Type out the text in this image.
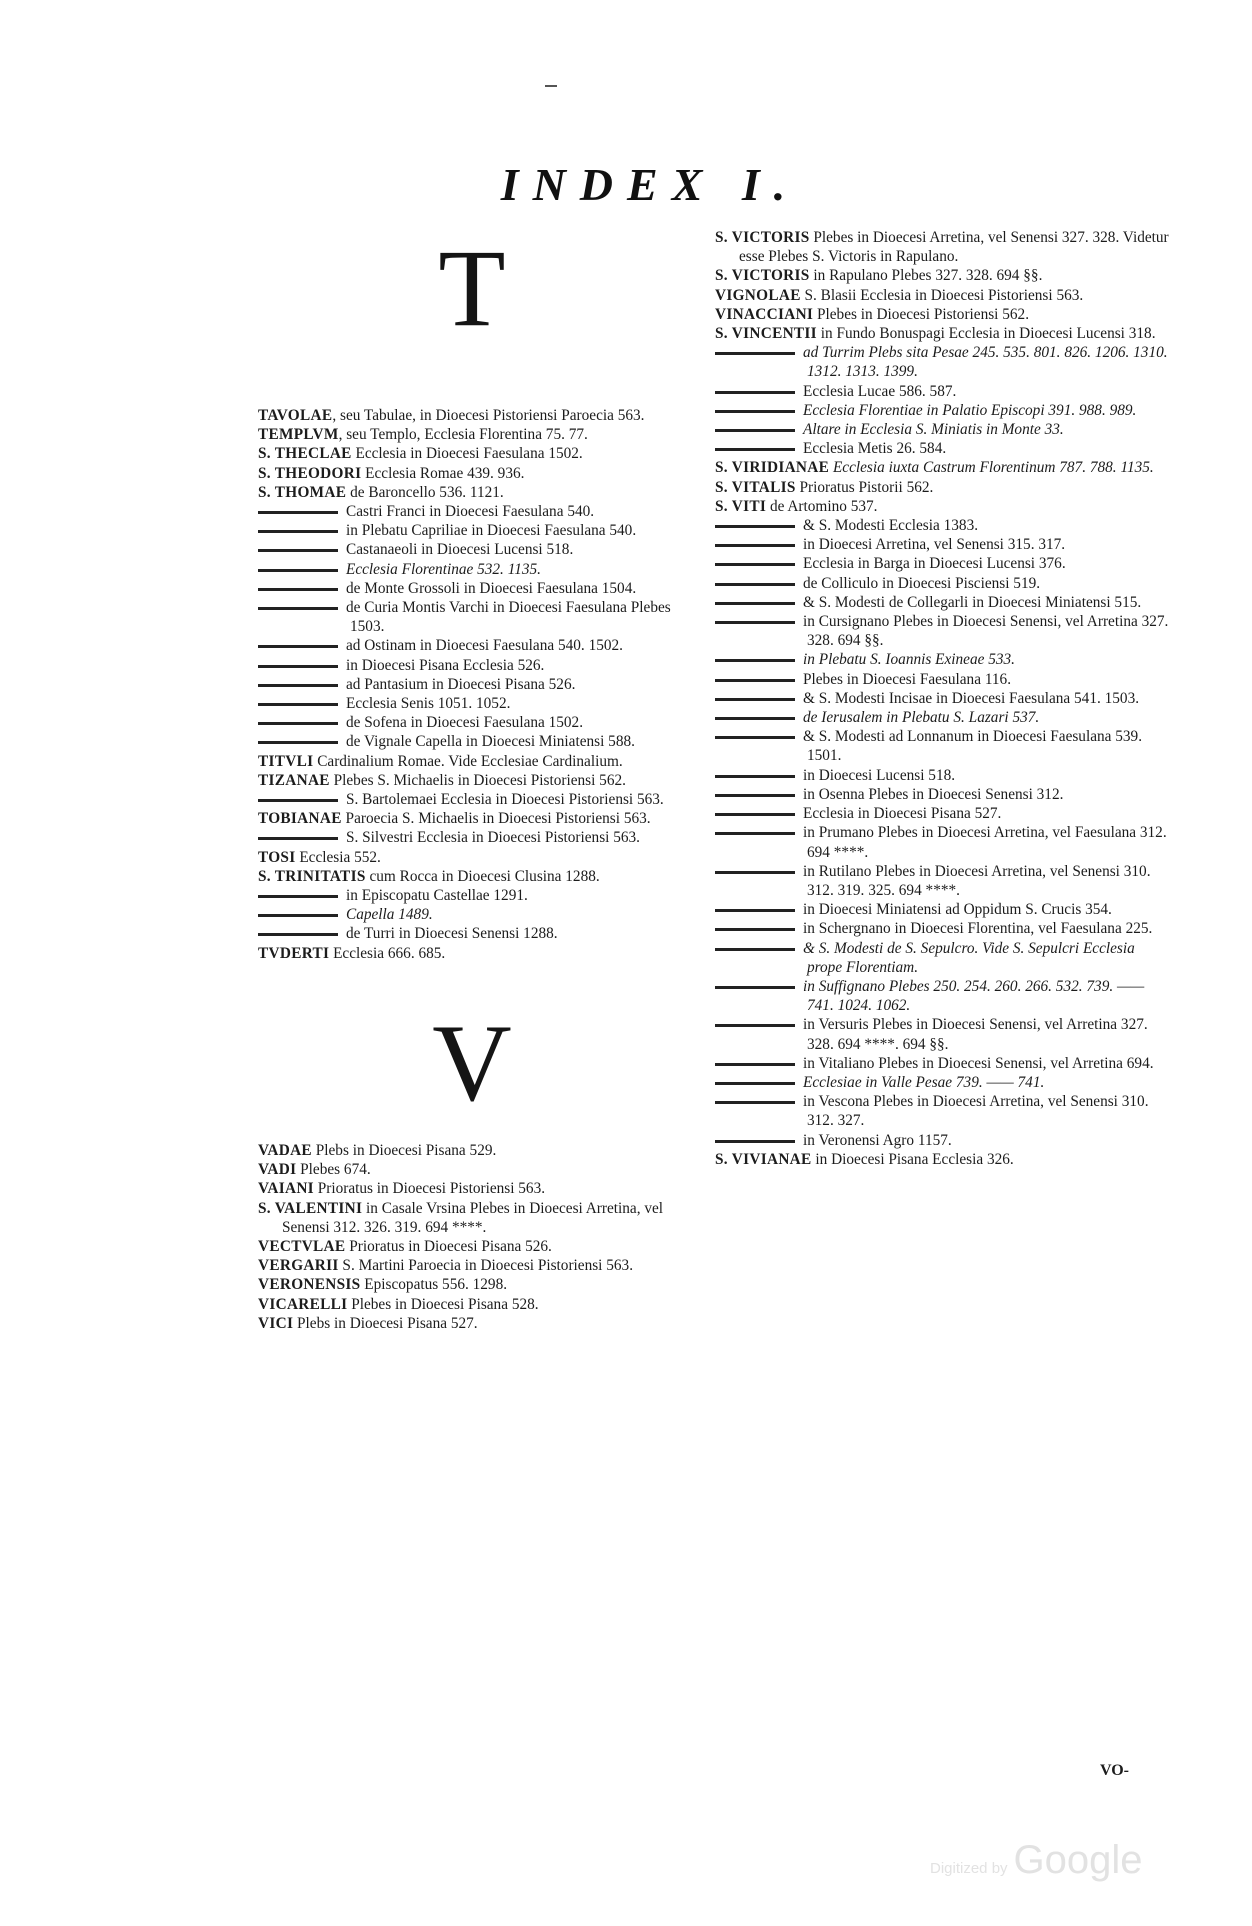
INDEX I.
T
TAVOLAE, seu Tabulae, in Dioecesi Pistoriensi Paroecia 563.
TEMPLVM, seu Templo, Ecclesia Florentina 75. 77.
S. THECLAE Ecclesia in Dioecesi Faesulana 1502.
S. THEODORI Ecclesia Romae 439. 936.
S. THOMAE de Baroncello 536. 1121.
Castri Franci in Dioecesi Faesulana 540.
in Plebatu Capriliae in Dioecesi Faesulana 540.
Castanaeoli in Dioecesi Lucensi 518.
Ecclesia Florentinae 532. 1135.
de Monte Grossoli in Dioecesi Faesulana 1504.
de Curia Montis Varchi in Dioecesi Faesulana Plebes 1503.
ad Ostinam in Dioecesi Faesulana 540. 1502.
in Dioecesi Pisana Ecclesia 526.
ad Pantasium in Dioecesi Pisana 526.
Ecclesia Senis 1051. 1052.
de Sofena in Dioecesi Faesulana 1502.
de Vignale Capella in Dioecesi Miniatensi 588.
TITVLI Cardinalium Romae. Vide Ecclesiae Cardinalium.
TIZANAE Plebes S. Michaelis in Dioecesi Pistoriensi 562.
S. Bartolemaei Ecclesia in Dioecesi Pistoriensi 563.
TOBIANAE Paroecia S. Michaelis in Dioecesi Pistoriensi 563.
S. Silvestri Ecclesia in Dioecesi Pistoriensi 563.
TOSI Ecclesia 552.
S. TRINITATIS cum Rocca in Dioecesi Clusina 1288.
in Episcopatu Castellae 1291.
Capella 1489.
de Turri in Dioecesi Senensi 1288.
TVDERTI Ecclesia 666. 685.
V
VADAE Plebs in Dioecesi Pisana 529.
VADI Plebes 674.
VAIANI Prioratus in Dioecesi Pistoriensi 563.
S. VALENTINI in Casale Vrsina Plebes in Dioecesi Arretina, vel Senensi 312. 326. 319. 694 ****.
VECTVLAE Prioratus in Dioecesi Pisana 526.
VERGARII S. Martini Paroecia in Dioecesi Pistoriensi 563.
VERONENSIS Episcopatus 556. 1298.
VICARELLI Plebes in Dioecesi Pisana 528.
VICI Plebs in Dioecesi Pisana 527.
S. VICTORIS Plebes in Dioecesi Arretina, vel Senensi 327. 328. Videtur esse Plebes S. Victoris in Rapulano.
S. VICTORIS in Rapulano Plebes 327. 328. 694 §§.
VIGNOLAE S. Blasii Ecclesia in Dioecesi Pistoriensi 563.
VINACCIANI Plebes in Dioecesi Pistoriensi 562.
S. VINCENTII in Fundo Bonuspagi Ecclesia in Dioecesi Lucensi 318.
ad Turrim Plebs sita Pesae 245. 535. 801. 826. 1206. 1310. 1312. 1313. 1399.
Ecclesia Lucae 586. 587.
Ecclesia Florentiae in Palatio Episcopi 391. 988. 989.
Altare in Ecclesia S. Miniatis in Monte 33.
Ecclesia Metis 26. 584.
S. VIRIDIANAE Ecclesia iuxta Castrum Florentinum 787. 788. 1135.
S. VITALIS Prioratus Pistorii 562.
S. VITI de Artomino 537.
& S. Modesti Ecclesia 1383.
in Dioecesi Arretina, vel Senensi 315. 317.
Ecclesia in Barga in Dioecesi Lucensi 376.
de Colliculo in Dioecesi Pisciensi 519.
& S. Modesti de Collegarli in Dioecesi Miniatensi 515.
in Cursignano Plebes in Dioecesi Senensi, vel Arretina 327. 328. 694 §§.
in Plebatu S. Ioannis Exineae 533.
Plebes in Dioecesi Faesulana 116.
& S. Modesti Incisae in Dioecesi Faesulana 541. 1503.
de Ierusalem in Plebatu S. Lazari 537.
& S. Modesti ad Lonnanum in Dioecesi Faesulana 539. 1501.
in Dioecesi Lucensi 518.
in Osenna Plebes in Dioecesi Senensi 312.
Ecclesia in Dioecesi Pisana 527.
in Prumano Plebes in Dioecesi Arretina, vel Faesulana 312. 694 ****.
in Rutilano Plebes in Dioecesi Arretina, vel Senensi 310. 312. 319. 325. 694 ****.
in Dioecesi Miniatensi ad Oppidum S. Crucis 354.
in Schergnano in Dioecesi Florentina, vel Faesulana 225.
& S. Modesti de S. Sepulcro. Vide S. Sepulcri Ecclesia prope Florentiam.
in Suffignano Plebes 250. 254. 260. 266. 532. 739. —— 741. 1024. 1062.
in Versuris Plebes in Dioecesi Senensi, vel Arretina 327. 328. 694 ****. 694 §§.
in Vitaliano Plebes in Dioecesi Senensi, vel Arretina 694.
Ecclesiae in Valle Pesae 739. —— 741.
in Vescona Plebes in Dioecesi Arretina, vel Senensi 310. 312. 327.
in Veronensi Agro 1157.
S. VIVIANAE in Dioecesi Pisana Ecclesia 326.
VO-
Digitized by Google
